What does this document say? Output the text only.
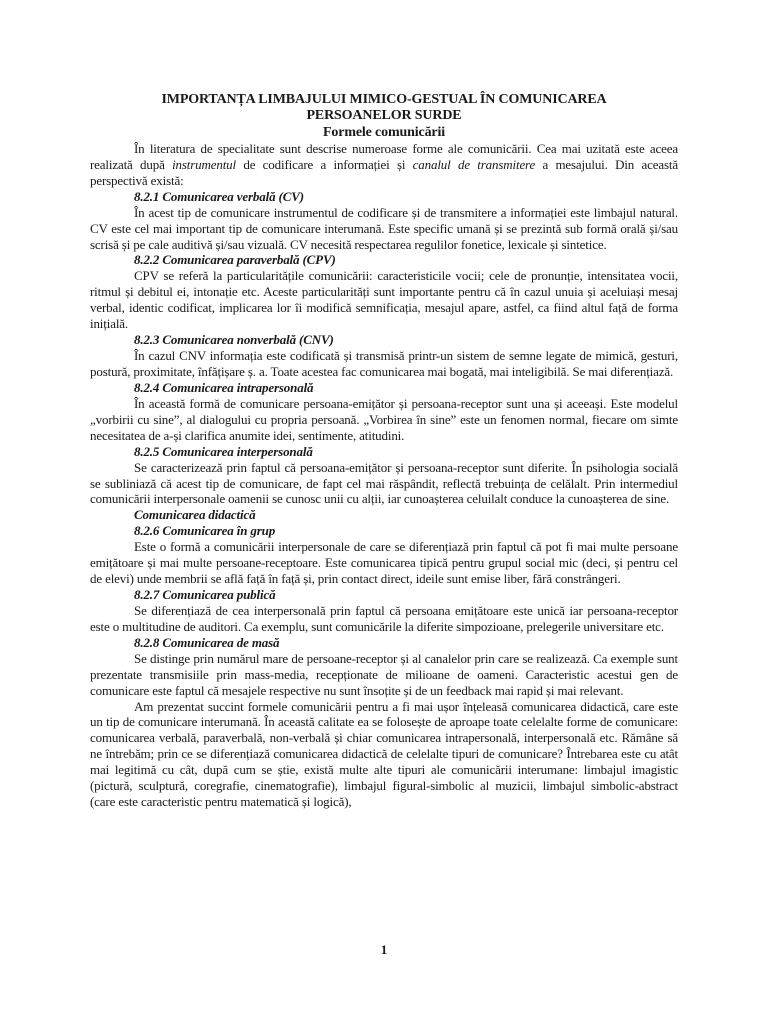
IMPORTANȚA LIMBAJULUI MIMICO-GESTUAL ÎN COMUNICAREA
PERSOANELOR SURDE
Formele comunicării

În literatura de specialitate sunt descrise numeroase forme ale comunicării. Cea mai uzitată este aceea realizată după instrumentul de codificare a informației și canalul de transmitere a mesajului. Din această perspectivă există:

8.2.1 Comunicarea verbală (CV)

În acest tip de comunicare instrumentul de codificare și de transmitere a informației este limbajul natural. CV este cel mai important tip de comunicare interumană. Este specific umană și se prezintă sub formă orală și/sau scrisă și pe cale auditivă și/sau vizuală. CV necesită respectarea regulilor fonetice, lexicale și sintetice.

8.2.2 Comunicarea paraverbală (CPV)

CPV se referă la particularitățile comunicării: caracteristicile vocii; cele de pronunție, intensitatea vocii, ritmul și debitul ei, intonație etc. Aceste particularități sunt importante pentru că în cazul unuia și aceluiași mesaj verbal, identic codificat, implicarea lor îi modifică semnificația, mesajul apare, astfel, ca fiind altul față de forma inițială.

8.2.3 Comunicarea nonverbală (CNV)

În cazul CNV informația este codificată și transmisă printr-un sistem de semne legate de mimică, gesturi, postură, proximitate, înfățișare ș. a. Toate acestea fac comunicarea mai bogată, mai inteligibilă. Se mai diferențiază.

8.2.4 Comunicarea intrapersonală

În această formă de comunicare persoana-emițător și persoana-receptor sunt una și aceeași. Este modelul „vorbirii cu sine”, al dialogului cu propria persoană. „Vorbirea în sine” este un fenomen normal, fiecare om simte necesitatea de a-și clarifica anumite idei, sentimente, atitudini.

8.2.5 Comunicarea interpersonală

Se caracterizează prin faptul că persoana-emițător și persoana-receptor sunt diferite. În psihologia socială se subliniază că acest tip de comunicare, de fapt cel mai răspândit, reflectă trebuința de celălalt. Prin intermediul comunicării interpersonale oamenii se cunosc unii cu alții, iar cunoașterea celuilalt conduce la cunoașterea de sine.

Comunicarea didactică
8.2.6 Comunicarea în grup

Este o formă a comunicării interpersonale de care se diferențiază prin faptul că pot fi mai multe persoane emițătoare și mai multe persoane-receptoare. Este comunicarea tipică pentru grupul social mic (deci, și pentru cel de elevi) unde membrii se află față în față și, prin contact direct, ideile sunt emise liber, fără constrângeri.

8.2.7 Comunicarea publică

Se diferențiază de cea interpersonală prin faptul că persoana emițătoare este unică iar persoana-receptor este o multitudine de auditori. Ca exemplu, sunt comunicările la diferite simpozioane, prelegerile universitare etc.

8.2.8 Comunicarea de masă

Se distinge prin numărul mare de persoane-receptor și al canalelor prin care se realizează. Ca exemple sunt prezentate transmisiile prin mass-media, recepționate de milioane de oameni. Caracteristic acestui gen de comunicare este faptul că mesajele respective nu sunt însoțite și de un feedback mai rapid și mai relevant.

Am prezentat succint formele comunicării pentru a fi mai ușor înțeleasă comunicarea didactică, care este un tip de comunicare interumană. În această calitate ea se folosește de aproape toate celelalte forme de comunicare: comunicarea verbală, paraverbală, non-verbală și chiar comunicarea intrapersonală, interpersonală etc. Rămâne să ne întrebăm; prin ce se diferențiază comunicarea didactică de celelalte tipuri de comunicare? Întrebarea este cu atât mai legitimă cu cât, după cum se știe, există multe alte tipuri ale comunicării interumane: limbajul imagistic (pictură, sculptură, coregrafie, cinematografie), limbajul figural-simbolic al muzicii, limbajul simbolic-abstract (care este caracteristic pentru matematică și logică),

1
